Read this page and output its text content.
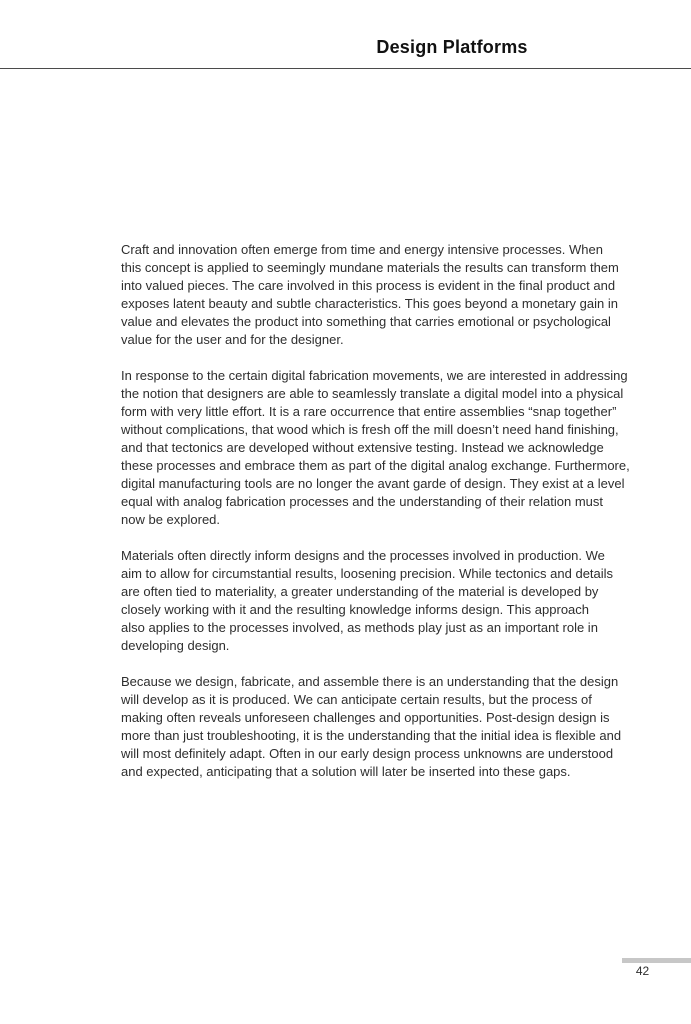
Design Platforms
Craft and innovation often emerge from time and energy intensive processes. When
this concept is applied to seemingly mundane materials the results can transform them
into valued pieces. The care involved in this process is evident in the final product and
exposes latent beauty and subtle characteristics. This goes beyond a monetary gain in
value and elevates the product into something that carries emotional or psychological
value for the user and for the designer.
In response to the certain digital fabrication movements, we are interested in addressing
the notion that designers are able to seamlessly translate a digital model into a physical
form with very little effort. It is a rare occurrence that entire assemblies “snap together”
without complications, that wood which is fresh off the mill doesn’t need hand finishing,
and that tectonics are developed without extensive testing. Instead we acknowledge
these processes and embrace them as part of the digital analog exchange. Furthermore,
digital manufacturing tools are no longer the avant garde of design. They exist at a level
equal with analog fabrication processes and the understanding of their relation must
now be explored.
Materials often directly inform designs and the processes involved in production. We
aim to allow for circumstantial results, loosening precision. While tectonics and details
are often tied to materiality, a greater understanding of the material is developed by
closely working with it and the resulting knowledge informs design. This approach
also applies to the processes involved, as methods play just as an important role in
developing design.
Because we design, fabricate, and assemble there is an understanding that the design
will develop as it is produced. We can anticipate certain results, but the process of
making often reveals unforeseen challenges and opportunities. Post-design design is
more than just troubleshooting, it is the understanding that the initial idea is flexible and
will most definitely adapt. Often in our early design process unknowns are understood
and expected, anticipating that a solution will later be inserted into these gaps.
42
